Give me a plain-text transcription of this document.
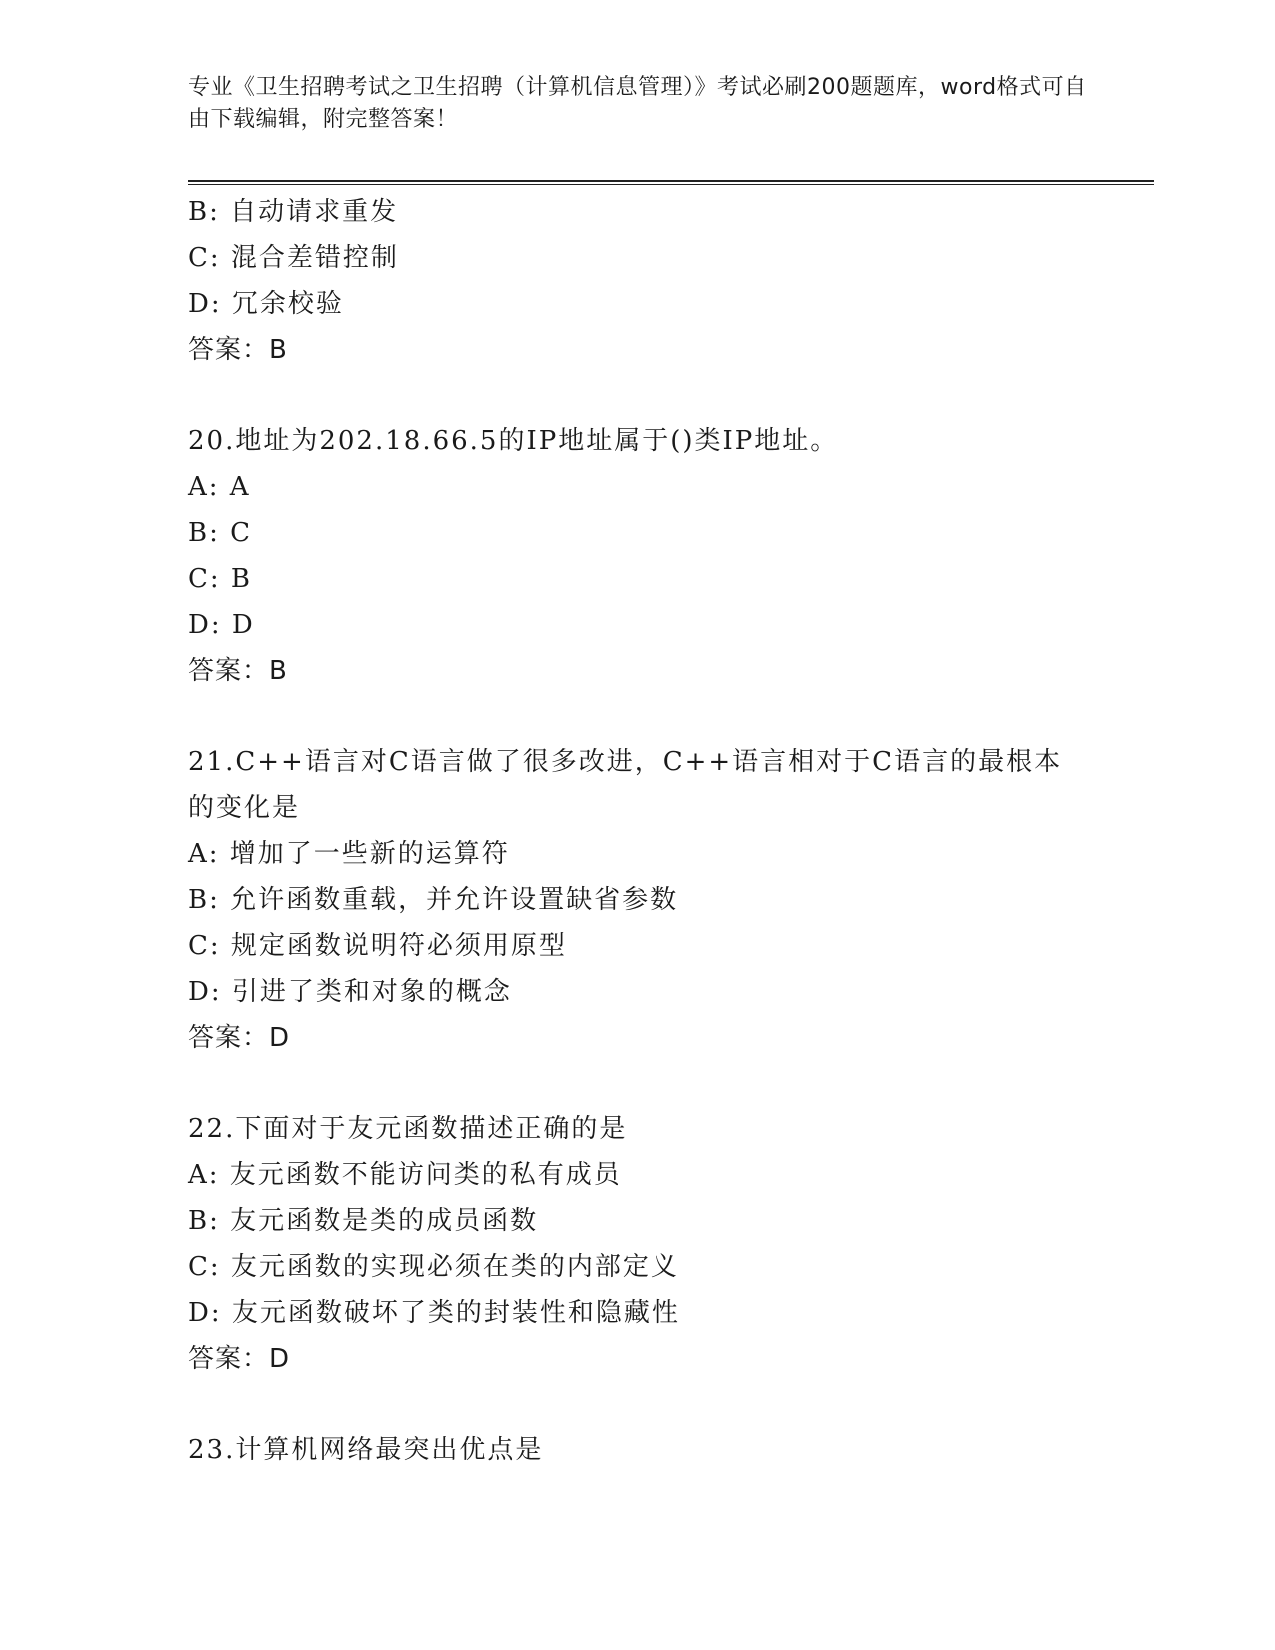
专业《卫生招聘考试之卫生招聘（计算机信息管理）》考试必刷200题题库，word格式可自由下载编辑，附完整答案！
B: 自动请求重发
C: 混合差错控制
D: 冗余校验
答案：B
20.地址为202.18.66.5的IP地址属于()类IP地址。
A: A
B: C
C: B
D: D
答案：B
21.C++语言对C语言做了很多改进，C++语言相对于C语言的最根本的变化是
A: 增加了一些新的运算符
B: 允许函数重载，并允许设置缺省参数
C: 规定函数说明符必须用原型
D: 引进了类和对象的概念
答案：D
22.下面对于友元函数描述正确的是
A: 友元函数不能访问类的私有成员
B: 友元函数是类的成员函数
C: 友元函数的实现必须在类的内部定义
D: 友元函数破坏了类的封装性和隐藏性
答案：D
23.计算机网络最突出优点是
